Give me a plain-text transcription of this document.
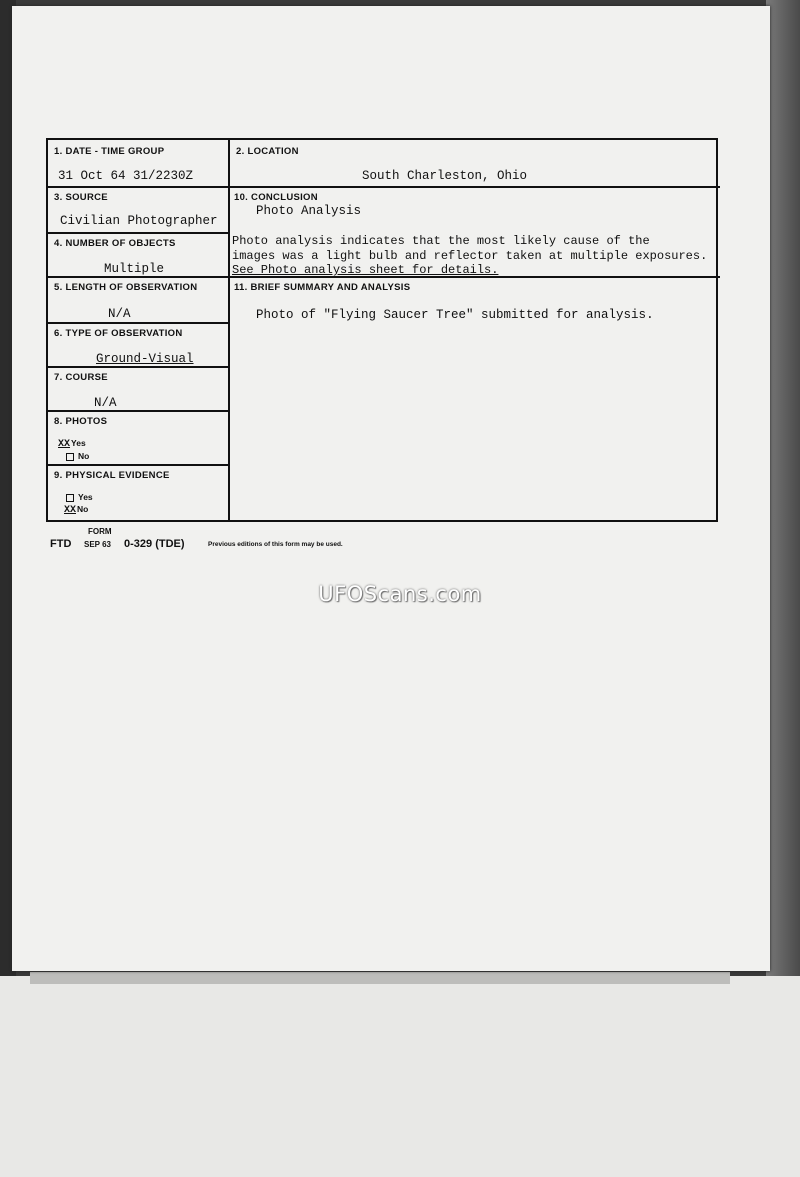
1. DATE - TIME GROUP
31 Oct 64 31/2230Z
2. LOCATION
South Charleston, Ohio
3. SOURCE
Civilian Photographer
4. NUMBER OF OBJECTS
Multiple
5. LENGTH OF OBSERVATION
N/A
6. TYPE OF OBSERVATION
Ground-Visual
7. COURSE
N/A
8. PHOTOS
XXYes
No
9. PHYSICAL EVIDENCE
Yes
XXNo
10. CONCLUSION
Photo Analysis
Photo analysis indicates that the most likely cause of the
images was a light bulb and reflector taken at multiple exposures.
See Photo analysis sheet for details.
11. BRIEF SUMMARY AND ANALYSIS
Photo of "Flying Saucer Tree" submitted for analysis.
FORM
FTD SEP 63 0-329 (TDE)	Previous editions of this form may be used.
UFOScans.com
